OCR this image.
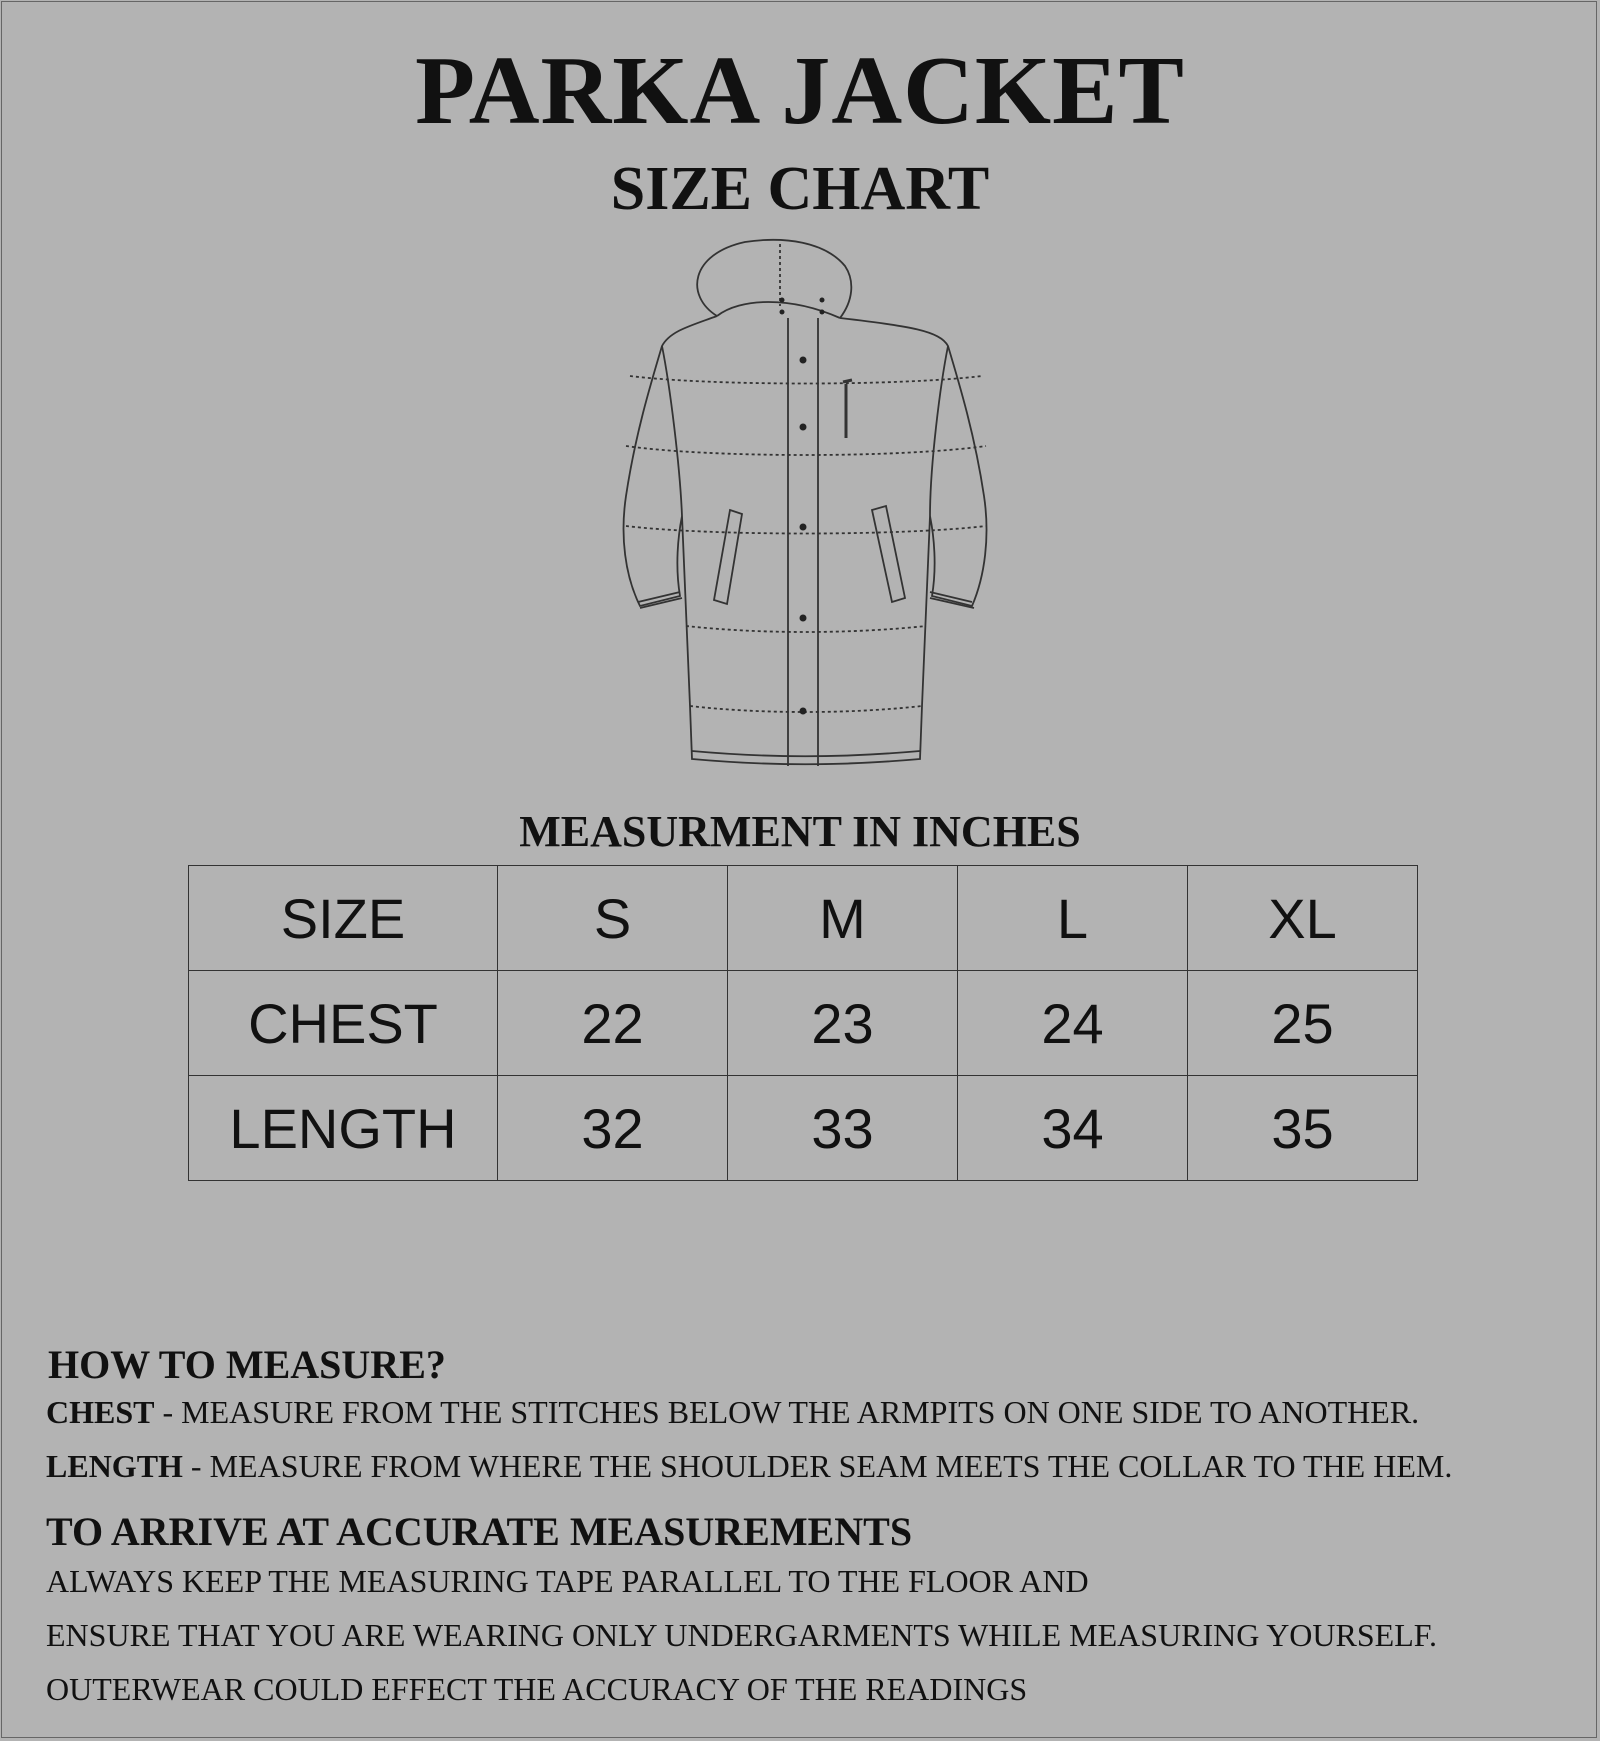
PARKA JACKET
SIZE CHART
MEASURMENT IN INCHES
SIZE	S	M	L	XL
CHEST	22	23	24	25
LENGTH	32	33	34	35
HOW TO MEASURE?
CHEST - MEASURE FROM THE STITCHES BELOW THE ARMPITS ON ONE SIDE TO ANOTHER.
LENGTH - MEASURE FROM WHERE THE SHOULDER SEAM MEETS THE COLLAR TO THE HEM.
TO ARRIVE AT ACCURATE MEASUREMENTS
ALWAYS KEEP THE MEASURING TAPE PARALLEL TO THE FLOOR AND
ENSURE THAT YOU ARE WEARING ONLY UNDERGARMENTS WHILE MEASURING YOURSELF.
OUTERWEAR COULD EFFECT THE ACCURACY OF THE READINGS
